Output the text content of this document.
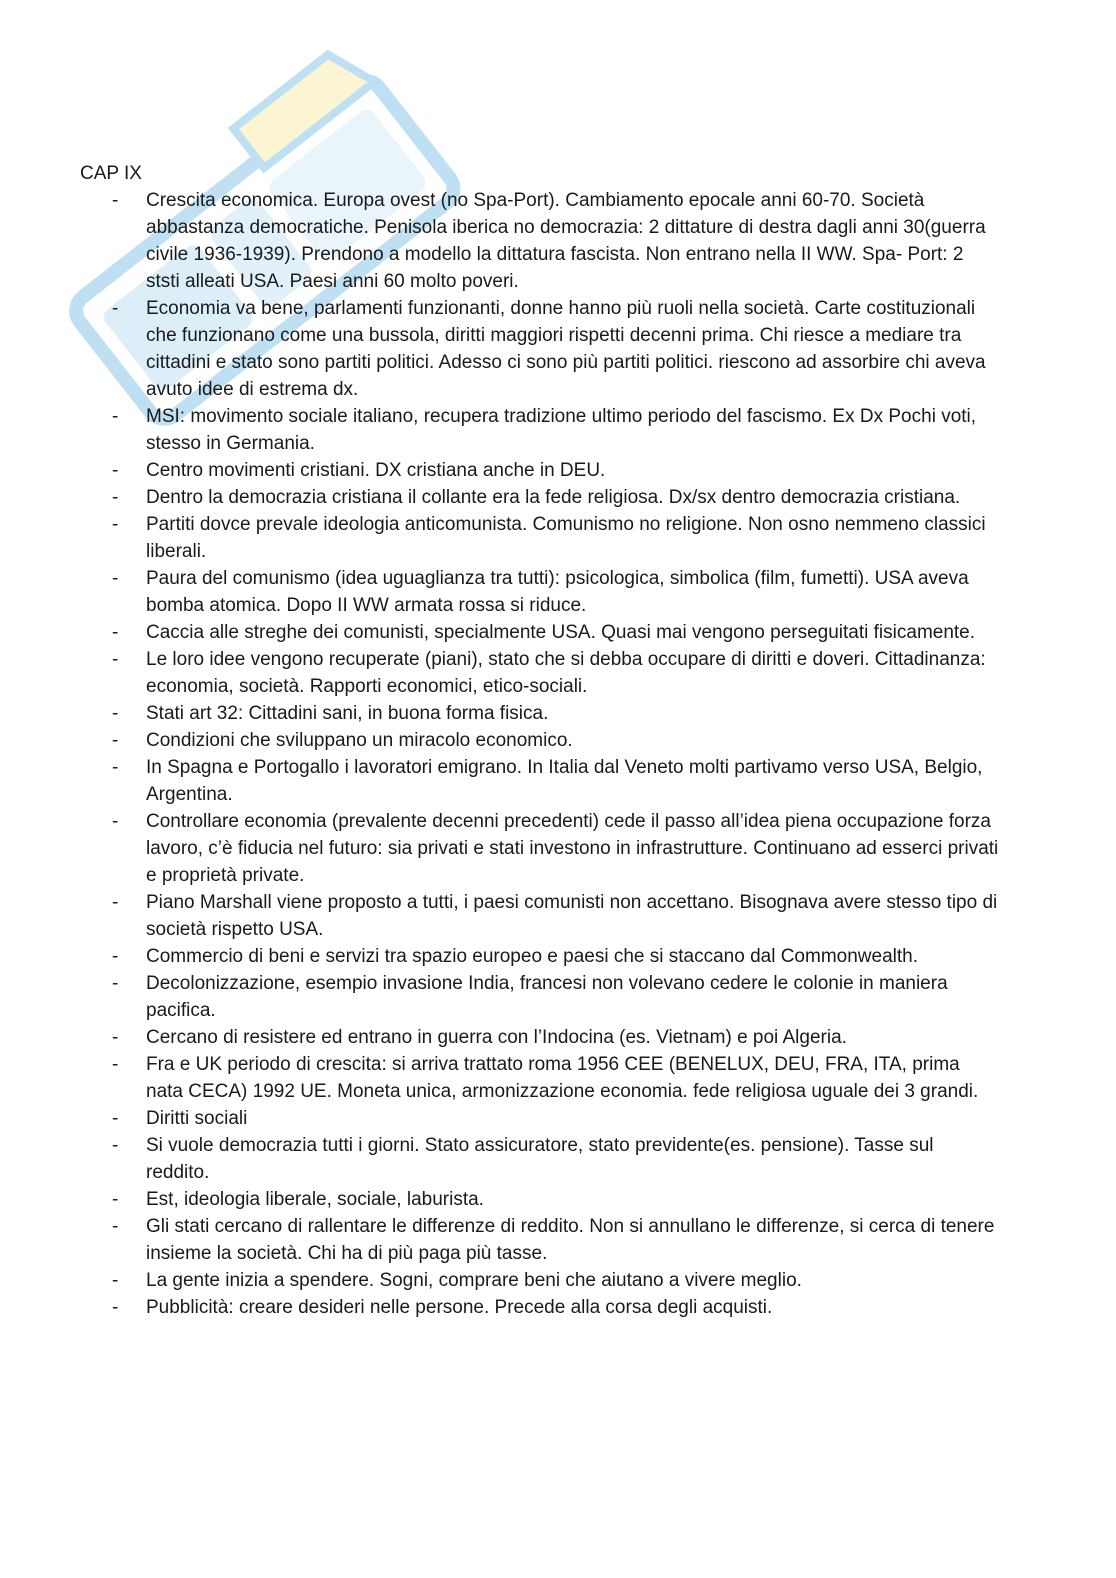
CAP IX
- Crescita economica. Europa ovest (no Spa-Port). Cambiamento epocale anni 60-70. Società abbastanza democratiche. Penisola iberica no democrazia: 2 dittature di destra dagli anni 30(guerra civile 1936-1939). Prendono a modello la dittatura fascista. Non entrano nella II WW. Spa- Port: 2 ststi alleati USA. Paesi anni 60 molto poveri.
- Economia va bene, parlamenti funzionanti, donne hanno più ruoli nella società. Carte costituzionali che funzionano come una bussola, diritti maggiori rispetti decenni prima. Chi riesce a mediare tra cittadini e stato sono partiti politici. Adesso ci sono più partiti politici. riescono ad assorbire chi aveva avuto idee di estrema dx.
- MSI: movimento sociale italiano, recupera tradizione ultimo periodo del fascismo. Ex Dx Pochi voti, stesso in Germania.
- Centro movimenti cristiani. DX cristiana anche in DEU.
- Dentro la democrazia cristiana il collante era la fede religiosa. Dx/sx dentro democrazia cristiana.
- Partiti dovce prevale ideologia anticomunista. Comunismo no religione. Non osno nemmeno classici liberali.
- Paura del comunismo (idea uguaglianza tra tutti): psicologica, simbolica (film, fumetti). USA aveva bomba atomica. Dopo II WW armata rossa si riduce.
- Caccia alle streghe dei comunisti, specialmente USA. Quasi mai vengono perseguitati fisicamente.
- Le loro idee vengono recuperate (piani), stato che si debba occupare di diritti e doveri. Cittadinanza: economia, società. Rapporti economici, etico-sociali.
- Stati art 32: Cittadini sani, in buona forma fisica.
- Condizioni che sviluppano un miracolo economico.
- In Spagna e Portogallo i lavoratori emigrano. In Italia dal Veneto molti partivamo verso USA, Belgio, Argentina.
- Controllare economia (prevalente decenni precedenti) cede il passo all’idea piena occupazione forza lavoro, c’è fiducia nel futuro: sia privati e stati investono in infrastrutture. Continuano ad esserci privati e proprietà private.
- Piano Marshall viene proposto a tutti, i paesi comunisti non accettano. Bisognava avere stesso tipo di società rispetto USA.
- Commercio di beni e servizi tra spazio europeo e paesi che si staccano dal Commonwealth.
- Decolonizzazione, esempio invasione India, francesi non volevano cedere le colonie in maniera pacifica.
- Cercano di resistere ed entrano in guerra con l’Indocina (es. Vietnam) e poi Algeria.
- Fra e UK periodo di crescita: si arriva trattato roma 1956 CEE (BENELUX, DEU, FRA, ITA, prima nata CECA) 1992 UE. Moneta unica, armonizzazione economia. fede religiosa uguale dei 3 grandi.
- Diritti sociali
- Si vuole democrazia tutti i giorni. Stato assicuratore, stato previdente(es. pensione). Tasse sul reddito.
- Est, ideologia liberale, sociale, laburista.
- Gli stati cercano di rallentare le differenze di reddito. Non si annullano le differenze, si cerca di tenere insieme la società. Chi ha di più paga più tasse.
- La gente inizia a spendere. Sogni, comprare beni che aiutano a vivere meglio.
- Pubblicità: creare desideri nelle persone. Precede alla corsa degli acquisti.
